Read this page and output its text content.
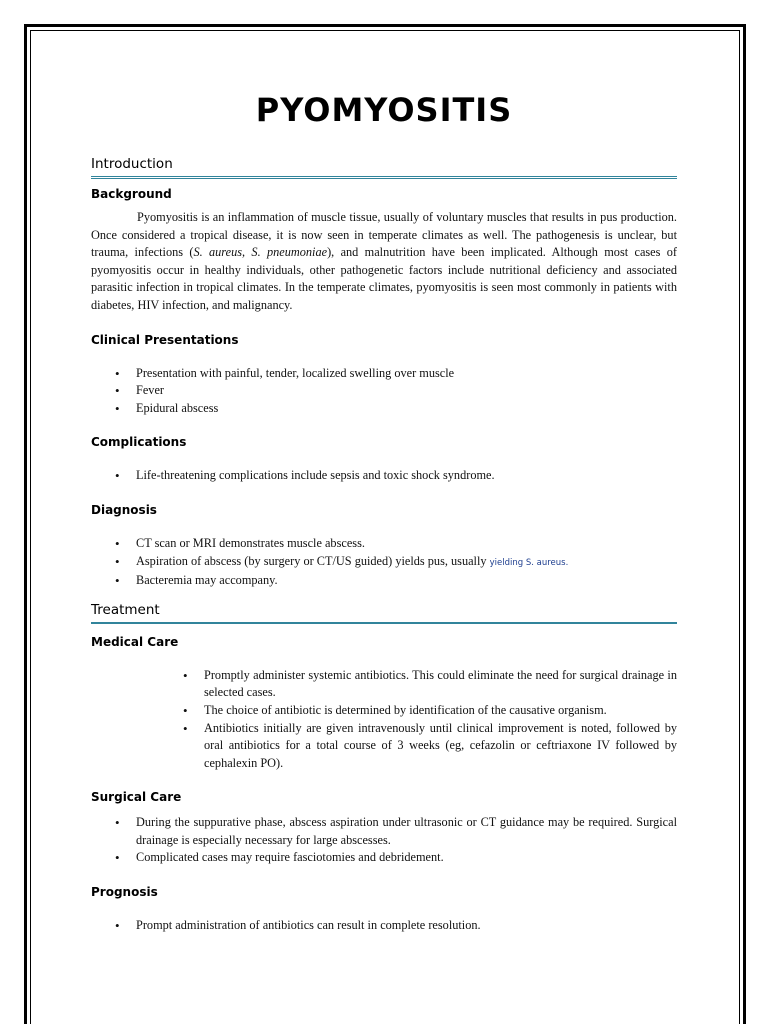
PYOMYOSITIS
Introduction
Background

Pyomyositis is an inflammation of muscle tissue, usually of voluntary muscles that results in pus production. Once considered a tropical disease, it is now seen in temperate climates as well. The pathogenesis is unclear, but trauma, infections (S. aureus, S. pneumoniae), and malnutrition have been implicated. Although most cases of pyomyositis occur in healthy individuals, other pathogenetic factors include nutritional deficiency and associated parasitic infection in tropical climates. In the temperate climates, pyomyositis is seen most commonly in patients with diabetes, HIV infection, and malignancy.

Clinical Presentations
• Presentation with painful, tender, localized swelling over muscle
• Fever
• Epidural abscess
Complications
• Life-threatening complications include sepsis and toxic shock syndrome.
Diagnosis
• CT scan or MRI demonstrates muscle abscess.
• Aspiration of abscess (by surgery or CT/US guided) yields pus, usually yielding S. aureus.
• Bacteremia may accompany.
Treatment
Medical Care
• Promptly administer systemic antibiotics. This could eliminate the need for surgical drainage in selected cases.
• The choice of antibiotic is determined by identification of the causative organism.
• Antibiotics initially are given intravenously until clinical improvement is noted, followed by oral antibiotics for a total course of 3 weeks (eg, cefazolin or ceftriaxone IV followed by cephalexin PO).
Surgical Care
• During the suppurative phase, abscess aspiration under ultrasonic or CT guidance may be required. Surgical drainage is especially necessary for large abscesses.
• Complicated cases may require fasciotomies and debridement.
Prognosis
• Prompt administration of antibiotics can result in complete resolution.
